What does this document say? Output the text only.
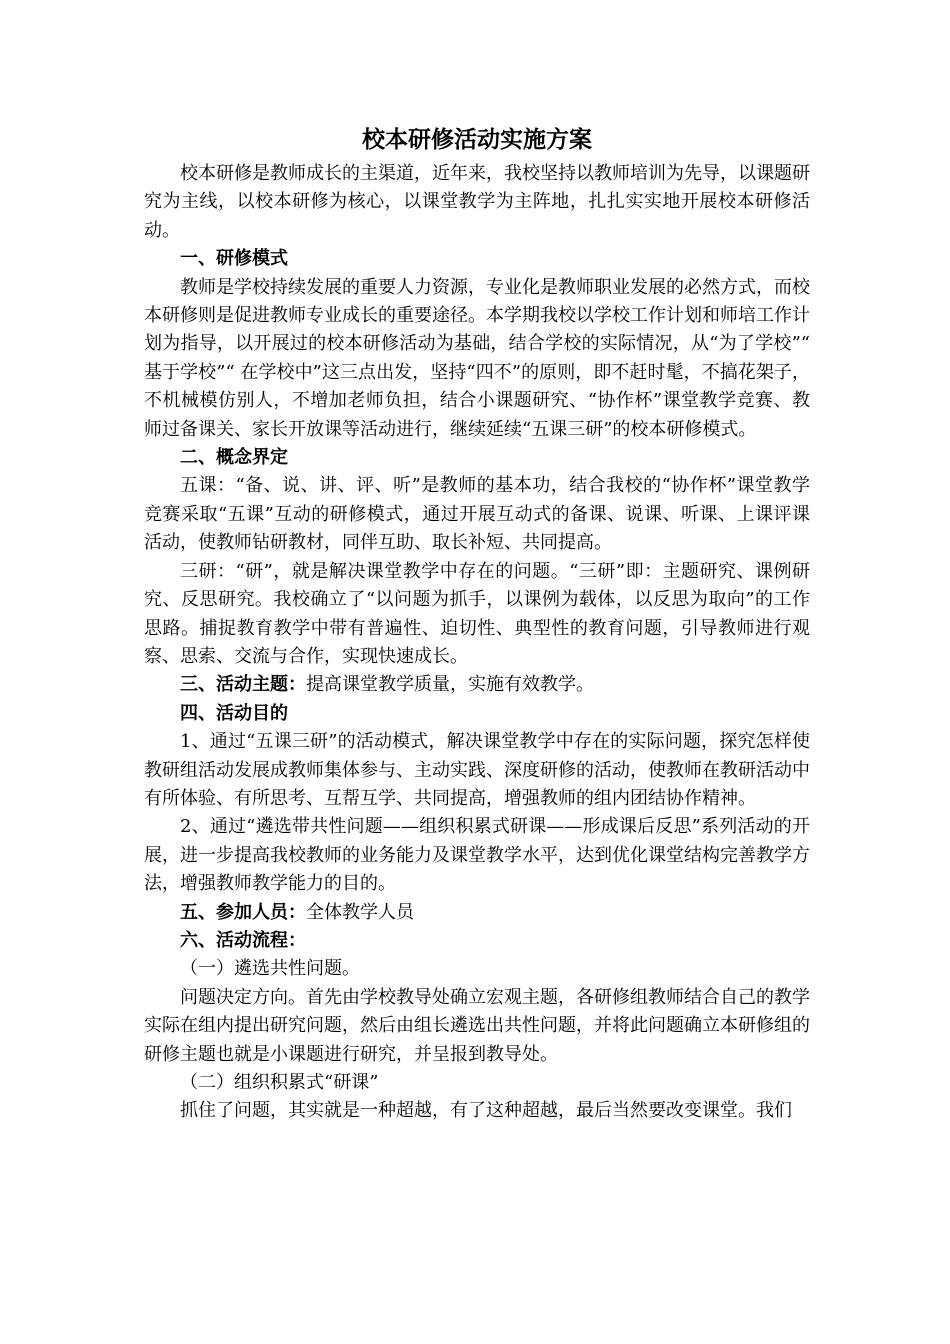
校本研修活动实施方案

校本研修是教师成长的主渠道，近年来，我校坚持以教师培训为先导，以课题研究为主线，以校本研修为核心，以课堂教学为主阵地，扎扎实实地开展校本研修活动。

一、研修模式

教师是学校持续发展的重要人力资源，专业化是教师职业发展的必然方式，而校本研修则是促进教师专业成长的重要途径。本学期我校以学校工作计划和师培工作计划为指导，以开展过的校本研修活动为基础，结合学校的实际情况，从“为了学校”“ 基于学校”“ 在学校中”这三点出发，坚持“四不”的原则，即不赶时髦，不搞花架子，不机械模仿别人，不增加老师负担，结合小课题研究、“协作杯”课堂教学竞赛、教师过备课关、家长开放课等活动进行，继续延续“五课三研”的校本研修模式。

二、概念界定

五课：“备、说、讲、评、听”是教师的基本功，结合我校的“协作杯”课堂教学竞赛采取“五课”互动的研修模式，通过开展互动式的备课、说课、听课、上课评课活动，使教师钻研教材，同伴互助、取长补短、共同提高。

三研：“研”，就是解决课堂教学中存在的问题。“三研”即：主题研究、课例研究、反思研究。我校确立了“以问题为抓手，以课例为载体，以反思为取向”的工作思路。捕捉教育教学中带有普遍性、迫切性、典型性的教育问题，引导教师进行观察、思索、交流与合作，实现快速成长。

三、活动主题：提高课堂教学质量，实施有效教学。

四、活动目的

1、通过“五课三研”的活动模式，解决课堂教学中存在的实际问题，探究怎样使教研组活动发展成教师集体参与、主动实践、深度研修的活动，使教师在教研活动中有所体验、有所思考、互帮互学、共同提高，增强教师的组内团结协作精神。

2、通过“遴选带共性问题——组织积累式研课——形成课后反思”系列活动的开展，进一步提高我校教师的业务能力及课堂教学水平，达到优化课堂结构完善教学方法，增强教师教学能力的目的。

五、参加人员：全体教学人员

六、活动流程：

（一）遴选共性问题。

问题决定方向。首先由学校教导处确立宏观主题，各研修组教师结合自己的教学实际在组内提出研究问题，然后由组长遴选出共性问题，并将此问题确立本研修组的研修主题也就是小课题进行研究，并呈报到教导处。

（二）组织积累式“研课”

抓住了问题，其实就是一种超越，有了这种超越，最后当然要改变课堂。我们
